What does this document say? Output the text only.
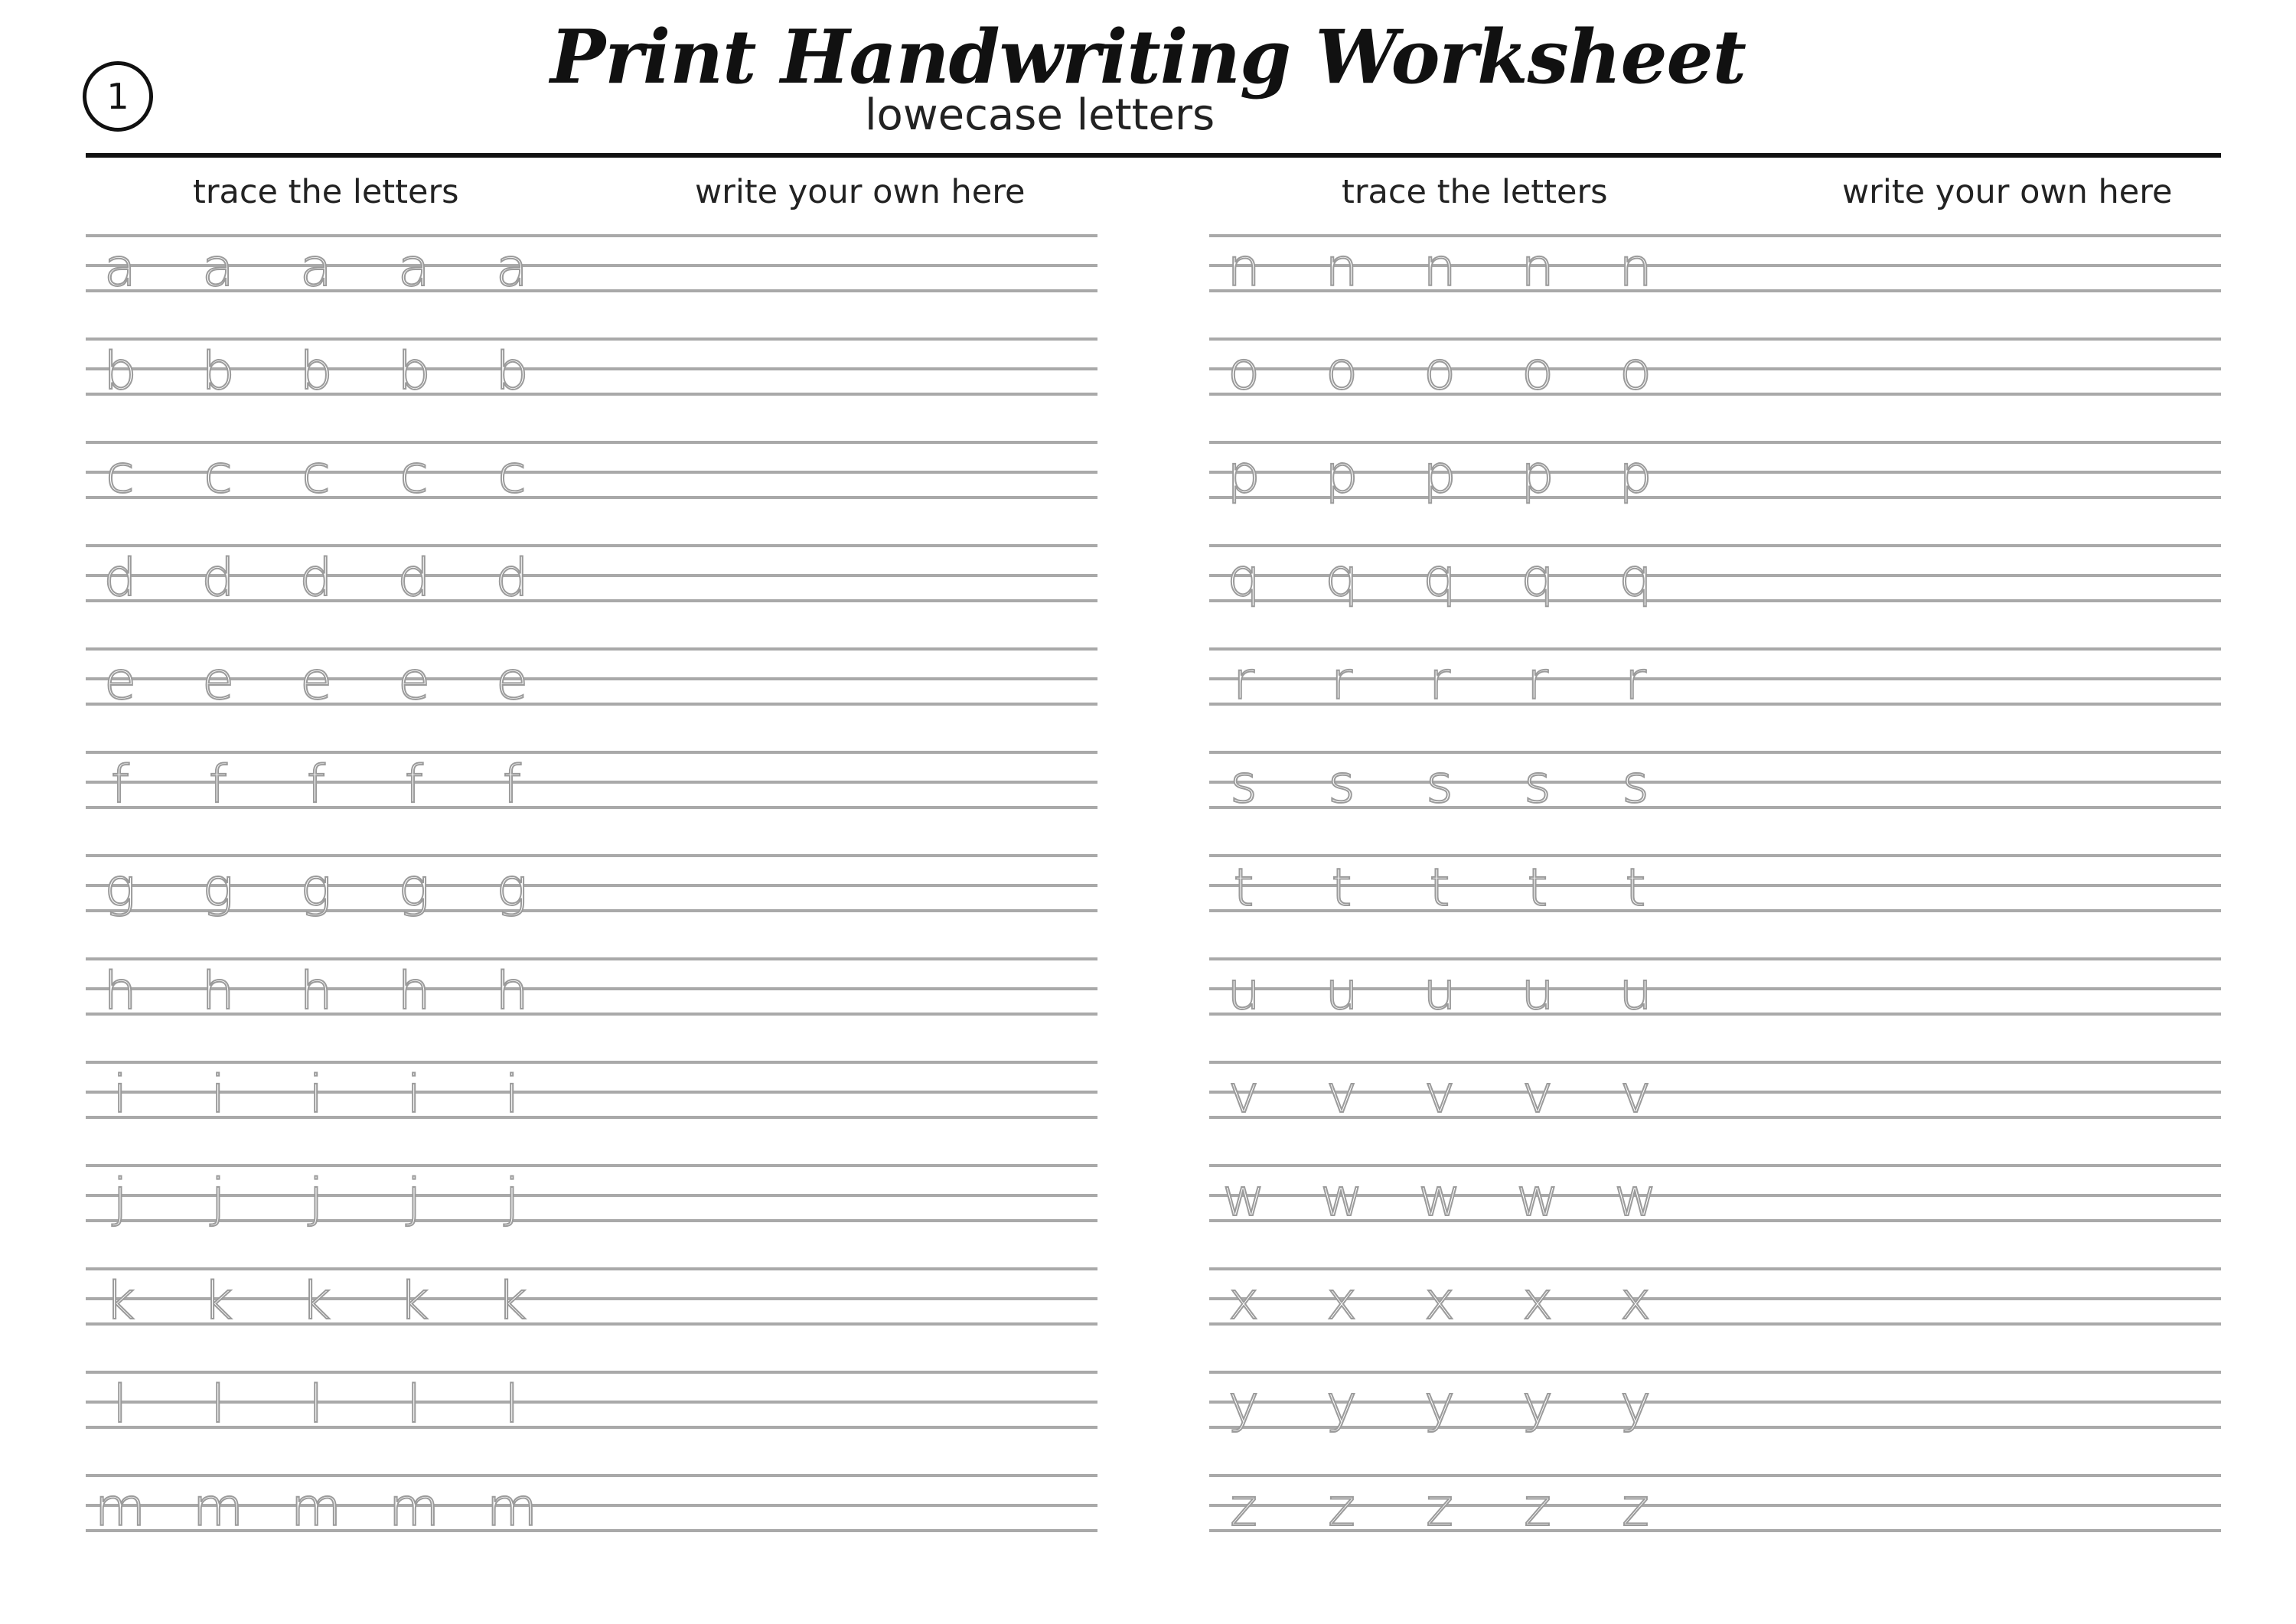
1	Print Handwriting Worksheet
lowecase letters
trace the letters	write your own here	trace the letters	write your own here
a	a	a	a	a
b	b	b	b	b
c	c	c	c	c
d	d	d	d	d
e	e	e	e	e
f	f	f	f	f
g	g	g	g	g
h	h	h	h	h
i	i	i	i	i
j	j	j	j	j
k	k	k	k	k
l	l	l	l	l
m m m m m
n	n	n	n	n
o	o	o	o	o
p	p	p	p	p
q	q	q	q	q
r	r	r	r	r
s	s	s	s	s
t	t	t	t	t
u	u	u	u	u
v	v	v	v	v
w w w w w
x	x	x	x	x
y	y	y	y	y
z	z	z	z	z
